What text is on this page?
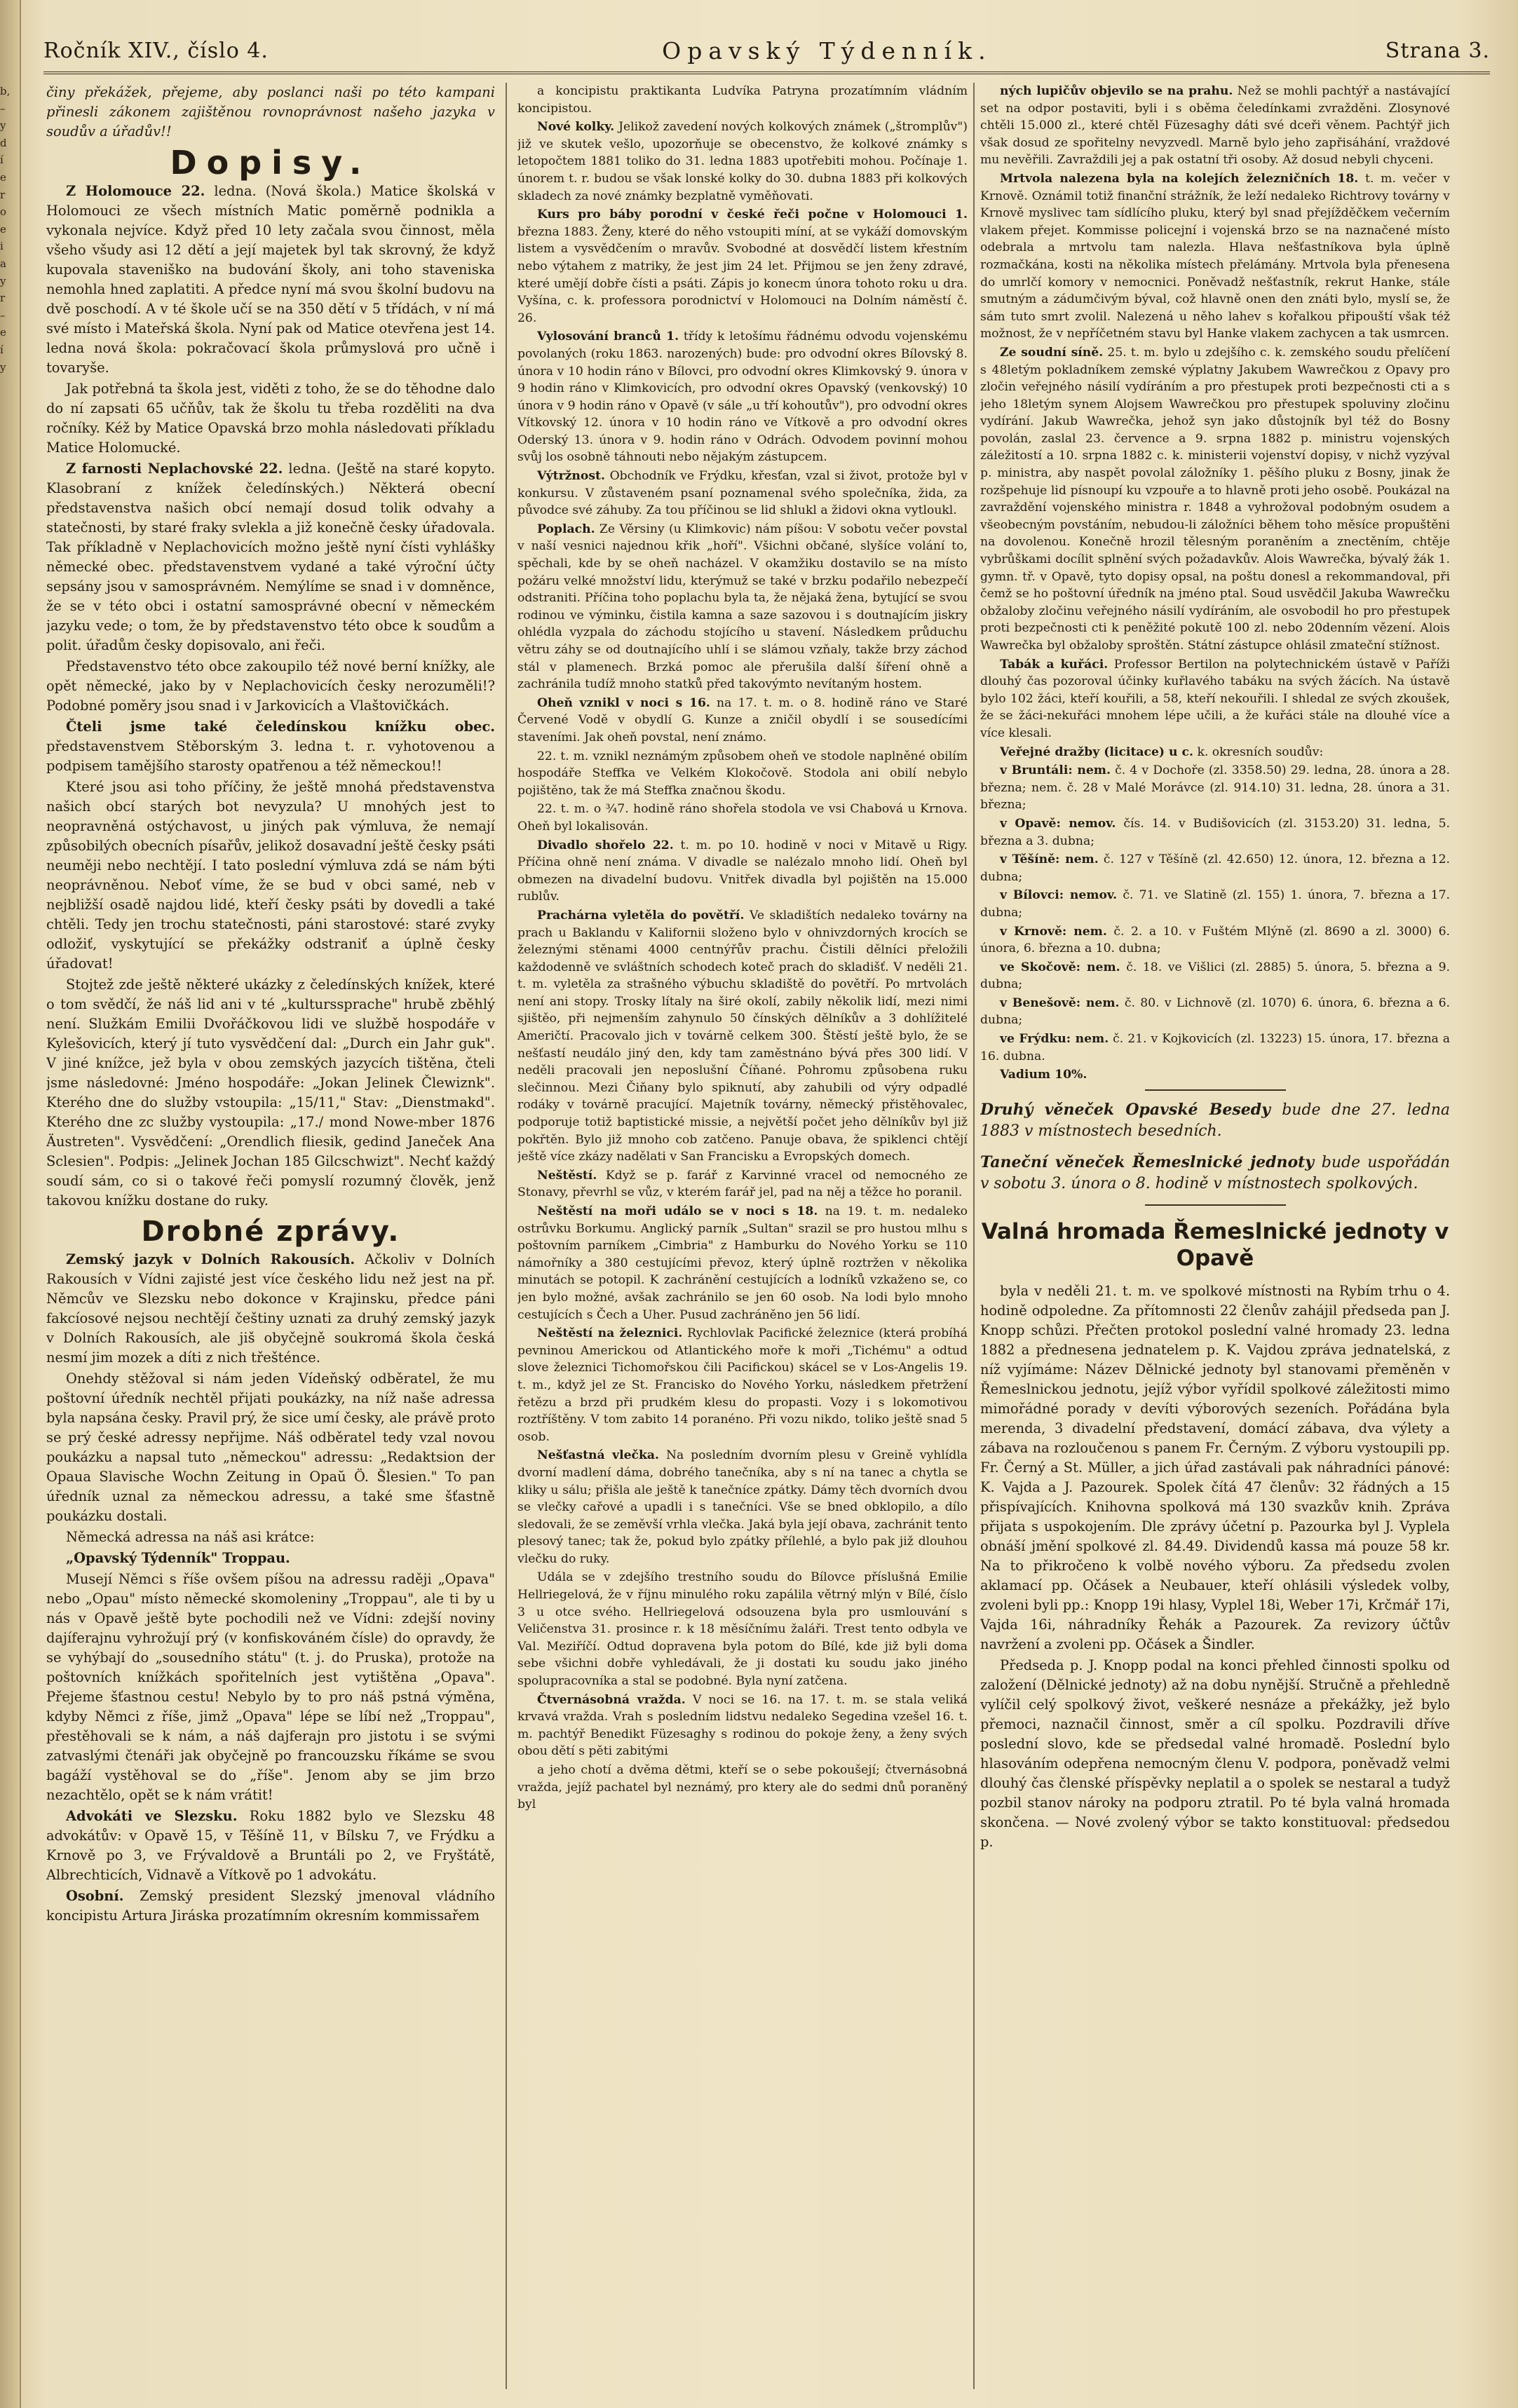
b,
–
y
d
í
e
r
o
e
i
a
y
r
–
e
í
y
Ročník XIV., číslo 4.	Opavský Týdenník.	Strana 3.

činy překážek, přejeme, aby poslanci naši po této kampani přinesli zákonem zajištěnou rovnoprávnost našeho jazyka v soudův a úřadův!!

Dopisy.

Z Holomouce 22. ledna. (Nová škola.) Matice školská v Holomouci ze všech místních Matic poměrně podnikla a vykonala nejvíce. Když před 10 lety začala svou činnost, měla všeho všudy asi 12 dětí a její majetek byl tak skrovný, že když kupovala staveniško na budování školy, ani toho staveniska nemohla hned zaplatiti. A předce nyní má svou školní budovu na dvě poschodí. A v té škole učí se na 350 dětí v 5 třídách, v ní má své místo i Mateřská škola. Nyní pak od Matice otevřena jest 14. ledna nová škola: pokračovací škola průmyslová pro učně i tovaryše.

Jak potřebná ta škola jest, viděti z toho, že se do těhodne dalo do ní zapsati 65 učňův, tak že školu tu třeba rozděliti na dva ročníky. Kéž by Matice Opavská brzo mohla následovati příkladu Matice Holomucké.

Z farnosti Neplachovské 22. ledna. (Ještě na staré kopyto. Klasobraní z knížek čeledínských.) Některá obecní představenstva našich obcí nemají dosud tolik odvahy a statečnosti, by staré fraky svlekla a již konečně česky úřadovala. Tak příkladně v Neplachovicích možno ještě nyní čísti vyhlášky německé obec. představenstvem vydané a také výroční účty sepsány jsou v samosprávném. Nemýlíme se snad i v domněnce, že se v této obci i ostatní samosprávné obecní v německém jazyku vede; o tom, že by představenstvo této obce k soudům a polit. úřadům česky dopisovalo, ani řeči.

Představenstvo této obce zakoupilo též nové berní knížky, ale opět německé, jako by v Neplachovicích česky nerozuměli!? Podobné poměry jsou snad i v Jarkovicích a Vlaštovičkách.

Čteli jsme také čeledínskou knížku obec. představenstvem Stěborským 3. ledna t. r. vyhotovenou a podpisem tamějšího starosty opatřenou a též německou!!

Které jsou asi toho příčiny, že ještě mnohá představenstva našich obcí starých bot nevyzula? U mnohých jest to neopravněná ostýchavost, u jiných pak výmluva, že nemají způsobilých obecních písařův, jelikož dosavadní ještě česky psáti neuměji nebo nechtějí. I tato poslední výmluva zdá se nám býti neoprávněnou. Neboť víme, že se bud v obci samé, neb v nejbližší osadě najdou lidé, kteří česky psáti by dovedli a také chtěli. Tedy jen trochu statečnosti, páni starostové: staré zvyky odložiť, vyskytující se překážky odstraniť a úplně česky úřadovat!

Stojtež zde ještě některé ukázky z čeledínských knížek, které o tom svědčí, že náš lid ani v té „kulturssprache" hrubě zběhlý není. Služkám Emilii Dvořáčkovou lidi ve službě hospodáře v Kylešovicích, který jí tuto vysvědčení dal: „Durch ein Jahr guk". V jiné knížce, jež byla v obou zemských jazycích tištěna, čteli jsme následovné: Jméno hospodáře: „Jokan Jelinek Člewiznk". Kterého dne do služby vstoupila: „15/11‚" Stav: „Dienstmakd". Kterého dne zc služby vystoupila: „17./ mond Nowe-mber 1876 Äustreten". Vysvědčení: „Orendlich fliesik, gedind Janeček Ana Sclesien". Podpis: „Jelinek Jochan 185 Gilcschwizt". Nechť každý soudí sám, co si o takové řeči pomyslí rozumný člověk, jenž takovou knížku dostane do ruky.

Drobné zprávy.

Zemský jazyk v Dolních Rakousích. Ačkoliv v Dolních Rakousích v Vídni zajisté jest více českého lidu než jest na př. Němcův ve Slezsku nebo dokonce v Krajinsku, předce páni fakcíosové nejsou nechtějí češtiny uznati za druhý zemský jazyk v Dolních Rakousích, ale jiš obyčejně soukromá škola česká nesmí jim mozek a díti z nich třešténce.

Onehdy stěžoval si nám jeden Vídeňský odběratel, že mu poštovní úředník nechtěl přijati poukázky, na níž naše adressa byla napsána česky. Pravil prý, že sice umí česky, ale právě proto se prý české adressy nepřijme. Náš odběratel tedy vzal novou poukázku a napsal tuto „německou" adressu: „Redaktsion der Opaua Slavische Wochn Zeitung in Opaŭ Ö. Šlesien." To pan úředník uznal za německou adressu, a také sme šťastně poukázku dostali.

Německá adressa na náš asi krátce:

„Opavský Týdenník" Troppau.

Musejí Němci s říše ovšem píšou na adressu raději „Opava" nebo „Opau" místo německé skomoleniny „Troppau", ale ti by u nás v Opavě ještě byte pochodili než ve Vídni: zdejší noviny dajíferajnu vyhrožují prý (v konfiskováném čísle) do opravdy, že se vyhýbají do „sousedního státu" (t. j. do Pruska), protože na poštovních knížkách spořitelních jest vytištěna „Opava". Přejeme šťastnou cestu! Nebylo by to pro náš pstná výměna, kdyby Němci z říše, jimž „Opava" lépe se líbí než „Troppau", přestěhovali se k nám, a náš dajferajn pro jistotu i se svými zatvaslými čtenáři jak obyčejně po francouzsku říkáme se svou bagáží vystěhoval se do „říše". Jenom aby se jim brzo nezachtělo, opět se k nám vrátit!

Advokáti ve Slezsku. Roku 1882 bylo ve Slezsku 48 advokátův: v Opavě 15, v Těšíně 11, v Bílsku 7, ve Frýdku a Krnově po 3, ve Frývaldově a Bruntáli po 2, ve Fryštátě, Albrechticích, Vidnavě a Vítkově po 1 advokátu.

Osobní. Zemský president Slezský jmenoval vládního koncipistu Artura Jiráska prozatímním okresním kommissařem

a koncipistu praktikanta Ludvíka Patryna prozatímním vládním koncipistou.

Nové kolky. Jelikož zavedení nových kolkových známek („štromplův") již ve skutek vešlo, upozorňuje se obecenstvo, že kolkové známky s letopočtem 1881 toliko do 31. ledna 1883 upotřebiti mohou. Počínaje 1. únorem t. r. budou se však lonské kolky do 30. dubna 1883 při kolkových skladech za nové známky bezplatně vyměňovati.

Kurs pro báby porodní v české řeči počne v Holomouci 1. března 1883. Ženy, které do něho vstoupiti míní, at se vykáží domovským listem a vysvědčením o mravův. Svobodné at dosvědčí listem křestním nebo výtahem z matriky, že jest jim 24 let. Přijmou se jen ženy zdravé, které umějí dobře čísti a psáti. Zápis jo konecm února tohoto roku u dra. Vyšína, c. k. professora porodnictví v Holomouci na Dolním náměstí č. 26.

Vylosování branců 1. třídy k letošímu řádnému odvodu vojenskému povolaných (roku 1863. narozených) bude: pro odvodní okres Bílovský 8. února v 10 hodin ráno v Bílovci, pro odvodní okres Klimkovský 9. února v 9 hodin ráno v Klimkovicích, pro odvodní okres Opavský (venkovský) 10 února v 9 hodin ráno v Opavě (v sále „u tří kohoutův"), pro odvodní okres Vítkovský 12. února v 10 hodin ráno ve Vítkově a pro odvodní okres Oderský 13. února v 9. hodin ráno v Odrách. Odvodem povinní mohou svůj los osobně táhnouti nebo nějakým zástupcem.

Výtržnost. Obchodník ve Frýdku, křesťan, vzal si život, protože byl v konkursu. V zůstaveném psaní poznamenal svého společníka, žida, za původce své záhuby. Za tou příčinou se lid shlukl a židovi okna vytloukl.

Poplach. Ze Věrsiny (u Klimkovic) nám píšou: V sobotu večer povstal v naší vesnici najednou křik „hoří". Všichni občané, slyšíce volání to, spěchali, kde by se oheň nacházel. V okamžiku dostavilo se na místo požáru velké množství lidu, kterýmuž se také v brzku podařilo nebezpečí odstraniti. Příčina toho poplachu byla ta, že nějaká žena, bytující se svou rodinou ve výminku, čistila kamna a saze sazovou i s doutnajícím jiskry ohlédla vyzpala do záchodu stojícího u stavení. Následkem průduchu větru záhy se od doutnajícího uhlí i se slámou vzňaly, takže brzy záchod stál v plamenech. Brzká pomoc ale přerušila další šíření ohně a zachránila tudíž mnoho statků před takovýmto nevítaným hostem.

Oheň vznikl v noci s 16. na 17. t. m. o 8. hodině ráno ve Staré Červené Vodě v obydlí G. Kunze a zničil obydlí i se sousedícími staveními. Jak oheň povstal, není známo.

22. t. m. vznikl neznámým způsobem oheň ve stodole naplněné obilím hospodáře Steffka ve Velkém Klokočově. Stodola ani obilí nebylo pojištěno, tak že má Steffka značnou škodu.

22. t. m. o ¾7. hodině ráno shořela stodola ve vsi Chabová u Krnova. Oheň byl lokalisován.

Divadlo shořelo 22. t. m. po 10. hodině v noci v Mitavě u Rigy. Příčina ohně není známa. V divadle se nalézalo mnoho lidí. Oheň byl obmezen na divadelní budovu. Vnitřek divadla byl pojištěn na 15.000 rublův.

Prachárna vyletěla do povětří. Ve skladištích nedaleko továrny na prach u Baklandu v Kalifornii složeno bylo v ohnivzdorných krocích se železnými stěnami 4000 centnýřův prachu. Čistili dělníci přeložili každodenně ve svláštních schodech koteč prach do skladišť. V neděli 21. t. m. vyletěla za strašného výbuchu skladiště do povětří. Po mrtvolách není ani stopy. Trosky lítaly na širé okolí, zabily několik lidí, mezi nimi sjištěo, při nejmenším zahynulo 50 čínských dělníkův a 3 dohlížitelé Američtí. Pracovalo jich v továrně celkem 300. Štěstí ještě bylo, že se nešťastí neudálo jiný den, kdy tam zaměstnáno bývá přes 300 lidí. V neděli pracovali jen neposlušní Číňané. Pohromu způsobena ruku slečinnou. Mezi Čiňany bylo spiknutí, aby zahubili od výry odpadlé rodáky v továrně pracující. Majetník továrny, německý přistěhovalec, podporuje totiž baptistické missie, a největší počet jeho dělníkův byl již pokřtěn. Bylo již mnoho cob zatčeno. Panuje obava, že spiklenci chtějí ještě více zkázy nadělati v San Francisku a Evropských domech.

Neštěstí. Když se p. farář z Karvinné vracel od nemocného ze Stonavy, převrhl se vůz, v kterém farář jel, pad na něj a těžce ho poranil.

Neštěstí na moři událo se v noci s 18. na 19. t. m. nedaleko ostrůvku Borkumu. Anglický parník „Sultan" srazil se pro hustou mlhu s poštovním parníkem „Cimbria" z Hamburku do Nového Yorku se 110 námořníky a 380 cestujícími převoz, který úplně roztržen v několika minutách se potopil. K zachránění cestujících a lodníků vzkaženo se, co jen bylo možné, avšak zachránilo se jen 60 osob. Na lodi bylo mnoho cestujících s Čech a Uher. Pusud zachráněno jen 56 lidí.

Neštěstí na železnici. Rychlovlak Pacifické železnice (která probíhá pevninou Americkou od Atlantického moře k moři „Tichému" a odtud slove železnici Tichomořskou čili Pacifickou) skácel se v Los-Angelis 19. t. m., když jel ze St. Francisko do Nového Yorku, následkem přetržení řetězu a brzd při prudkém klesu do propasti. Vozy i s lokomotivou roztříštěny. V tom zabito 14 poranéno. Při vozu nikdo, toliko ještě snad 5 osob.

Nešťastná vlečka. Na posledním dvorním plesu v Greině vyhlídla dvorní madlení dáma, dobrého tanečníka, aby s ní na tanec a chytla se kliky u sálu; přišla ale ještě k tanečníce zpátky. Dámy těch dvorních dvou se vlečky cařové a upadli i s tanečníci. Vše se bned obklopilo, a dílo sledovali, že se zeměvší vrhla vlečka. Jaká byla její obava, zachránit tento plesový tanec; tak že, pokud bylo zpátky přílehlé, a bylo pak již dlouhou vlečku do ruky.

Udála se v zdejšího trestního soudu do Bílovce příslušná Emilie Hellriegelová, že v říjnu minulého roku zapálila větrný mlýn v Bílé, číslo 3 u otce svého. Hellriegelová odsouzena byla pro usmlouvání s Veličenstva 31. prosince r. k 18 měsíčnímu žaláři. Trest tento odbyla ve Val. Meziříčí. Odtud dopravena byla potom do Bílé, kde již byli doma sebe všichni dobře vyhledávali, že ji dostati ku soudu jako jiného spolupracovníka a stal se podobné. Byla nyní zatčena.

Čtvernásobná vražda. V noci se 16. na 17. t. m. se stala veliká krvavá vražda. Vrah s posledním lidstvu nedaleko Segedina vzešel 16. t. m. pachtýř Benedikt Füzesaghy s rodinou do pokoje ženy, a ženy svých obou dětí s pěti zabitými

a jeho chotí a dvěma dětmi, kteří se o sebe pokoušejí; čtvernásobná vražda, jejíž pachatel byl neznámý, pro ktery ale do sedmi dnů poraněný byl

ných lupičův objevilo se na prahu. Než se mohli pachtýř a nastávající set na odpor postaviti, byli i s oběma čeledínkami zvražděni. Zlosynové chtěli 15.000 zl., které chtěl Füzesaghy dáti své dceři věnem. Pachtýř jich však dosud ze spořitelny nevyzvedl. Marně bylo jeho zapřisáhání, vraždové mu nevěřili. Zavraždili jej a pak ostatní tři osoby. Až dosud nebyli chyceni.

Mrtvola nalezena byla na kolejích železničních 18. t. m. večer v Krnově. Oznámil totiž finanční strážník, že leží nedaleko Richtrovy továrny v Krnově myslivec tam sídlícího pluku, který byl snad přejížděčkem večerním vlakem přejet. Kommisse policejní i vojenská brzo se na naznačené místo odebrala a mrtvolu tam nalezla. Hlava nešťastníkova byla úplně rozmačkána, kosti na několika místech přelámány. Mrtvola byla přenesena do umrlčí komory v nemocnici. Poněvadž nešťastník, rekrut Hanke, stále smutným a zádumčivým býval, což hlavně onen den znáti bylo, myslí se, že sám tuto smrt zvolil. Nalezená u něho lahev s kořalkou připouští však též možnost, že v nepříčetném stavu byl Hanke vlakem zachycen a tak usmrcen.

Ze soudní síně. 25. t. m. bylo u zdejšího c. k. zemského soudu přelíčení s 48letým pokladníkem zemské výplatny Jakubem Wawrečkou z Opavy pro zločin veřejného násilí vydíráním a pro přestupek proti bezpečnosti cti a s jeho 18letým synem Alojsem Wawrečkou pro přestupek spoluviny zločinu vydírání. Jakub Wawrečka, jehož syn jako důstojník byl též do Bosny povolán, zaslal 23. července a 9. srpna 1882 p. ministru vojenských záležitostí a 10. srpna 1882 c. k. ministerii vojenství dopisy, v nichž vyzýval p. ministra, aby naspět povolal záložníky 1. pěšího pluku z Bosny, jinak že rozšpehuje lid písnoupí ku vzpouře a to hlavně proti jeho osobě. Poukázal na zavraždění vojenského ministra r. 1848 a vyhrožoval podobným osudem a všeobecným povstáním, nebudou-li záložníci během toho měsíce propuštěni na dovolenou. Konečně hrozil tělesným poraněním a znectěním, chtěje vybrůškami docílit splnění svých požadavkův. Alois Wawrečka, bývalý žák 1. gymn. tř. v Opavě, tyto dopisy opsal, na poštu donesl a rekommandoval, při čemž se ho poštovní úředník na jméno ptal. Soud usvědčil Jakuba Wawrečku obžaloby zločinu veřejného násilí vydíráním, ale osvobodil ho pro přestupek proti bezpečnosti cti k peněžité pokutě 100 zl. nebo 20denním vězení. Alois Wawrečka byl obžaloby sproštěn. Státní zástupce ohlásil zmateční stížnost.

Tabák a kuřáci. Professor Bertilon na polytechnickém ústavě v Paříži dlouhý čas pozoroval účinky kuřlavého tabáku na svých žácích. Na ústavě bylo 102 žáci, kteří kouřili, a 58, kteří nekouřili. I shledal ze svých zkoušek, že se žáci-nekuřáci mnohem lépe učili, a že kuřáci stále na dlouhé více a více klesali.

Veřejné dražby (licitace) u c. k. okresních soudův:

v Bruntáli: nem. č. 4 v Dochoře (zl. 3358.50) 29. ledna, 28. února a 28. března; nem. č. 28 v Malé Morávce (zl. 914.10) 31. ledna, 28. února a 31. března;

v Opavě: nemov. čís. 14. v Budišovicích (zl. 3153.20) 31. ledna, 5. března a 3. dubna;

v Těšíně: nem. č. 127 v Těšíně (zl. 42.650) 12. února, 12. března a 12. dubna;

v Bílovci: nemov. č. 71. ve Slatině (zl. 155) 1. února, 7. března a 17. dubna;

v Krnově: nem. č. 2. a 10. v Fuštém Mlýně (zl. 8690 a zl. 3000) 6. února, 6. března a 10. dubna;

ve Skočově: nem. č. 18. ve Višlici (zl. 2885) 5. února, 5. března a 9. dubna;

v Benešově: nem. č. 80. v Lichnově (zl. 1070) 6. února, 6. března a 6. dubna;

ve Frýdku: nem. č. 21. v Kojkovicích (zl. 13223) 15. února, 17. března a 16. dubna.

Vadium 10%.

Druhý věneček Opavské Besedy bude dne 27. ledna 1883 v místnostech besedních.

Taneční věneček Řemeslnické jednoty bude uspořádán v sobotu 3. února o 8. hodině v místnostech spolkových.

Valná hromada Řemeslnické jednoty v Opavě

byla v neděli 21. t. m. ve spolkové místnosti na Rybím trhu o 4. hodině odpoledne. Za přítomnosti 22 členův zahájil předseda pan J. Knopp schůzi. Přečten protokol poslední valné hromady 23. ledna 1882 a přednesena jednatelem p. K. Vajdou zpráva jednatelská, z níž vyjímáme: Název Dělnické jednoty byl stanovami přeměněn v Řemeslnickou jednotu, jejíž výbor vyřídil spolkové záležitosti mimo mimořádné porady v devíti výborových sezeních. Pořádána byla merenda, 3 divadelní představení, domácí zábava, dva výlety a zábava na rozloučenou s panem Fr. Černým. Z výboru vystoupili pp. Fr. Černý a St. Müller, a jich úřad zastávali pak náhradníci pánové: K. Vajda a J. Pazourek. Spolek čítá 47 členův: 32 řádných a 15 přispívajících. Knihovna spolková má 130 svazkův knih. Zpráva přijata s uspokojením. Dle zprávy účetní p. Pazourka byl J. Vyplela obnáší jmění spolkové zl. 84.49. Dividendů kassa má pouze 58 kr. Na to přikročeno k volbě nového výboru. Za předsedu zvolen aklamací pp. Očásek a Neubauer, kteří ohlásili výsledek volby, zvoleni byli pp.: Knopp 19i hlasy, Vyplel 18i, Weber 17i, Krčmář 17i, Vajda 16i, náhradníky Řehák a Pazourek. Za revizory účtův navržení a zvoleni pp. Očásek a Šindler.

Předseda p. J. Knopp podal na konci přehled činnosti spolku od založení (Dělnické jednoty) až na dobu nynější. Stručně a přehledně vylíčil celý spolkový život, veškeré nesnáze a překážky, jež bylo přemoci, naznačil činnost, směr a cíl spolku. Pozdravili dříve poslední slovo, kde se předsedal valné hromadě. Poslední bylo hlasováním odepřena nemocným členu V. podpora, poněvadž velmi dlouhý čas členské příspěvky neplatil a o spolek se nestaral a tudyž pozbil stanov nároky na podporu ztratil. Po té byla valná hromada skončena. — Nové zvolený výbor se takto konstituoval: předsedou p.
